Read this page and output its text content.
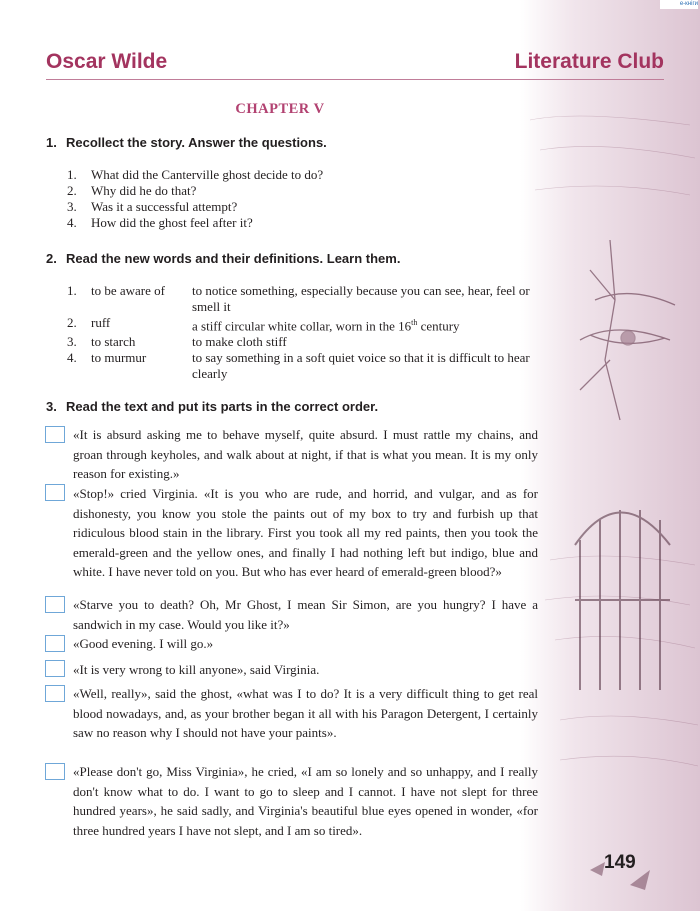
e-кнiги
Oscar Wilde	Literature Club
CHAPTER V
1. Recollect the story. Answer the questions.
1. What did the Canterville ghost decide to do?
2. Why did he do that?
3. Was it a successful attempt?
4. How did the ghost feel after it?
2. Read the new words and their definitions. Learn them.
1.	to be aware of	to notice something, especially because you can see, hear, feel or smell it
2.	ruff	a stiff circular white collar, worn in the 16th century
3.	to starch	to make cloth stiff
4.	to murmur	to say something in a soft quiet voice so that it is difficult to hear clearly
3. Read the text and put its parts in the correct order.
«It is absurd asking me to behave myself, quite absurd. I must rattle my chains, and groan through keyholes, and walk about at night, if that is what you mean. It is my only reason for existing.»
«Stop!» cried Virginia. «It is you who are rude, and horrid, and vulgar, and as for dishonesty, you know you stole the paints out of my box to try and furbish up that ridiculous blood stain in the library. First you took all my red paints, then you took the emerald-green and the yellow ones, and finally I had nothing left but indigo, blue and white. I have never told on you. But who has ever heard of emerald-green blood?»
«Starve you to death? Oh, Mr Ghost, I mean Sir Simon, are you hungry? I have a sandwich in my case. Would you like it?»
«Good evening. I will go.»
«It is very wrong to kill anyone», said Virginia.
«Well, really», said the ghost, «what was I to do? It is a very difficult thing to get real blood nowadays, and, as your brother began it all with his Paragon Detergent, I certainly saw no reason why I should not have your paints».
«Please don't go, Miss Virginia», he cried, «I am so lonely and so unhappy, and I really don't know what to do. I want to go to sleep and I cannot. I have not slept for three hundred years», he said sadly, and Virginia's beautiful blue eyes opened in wonder, «for three hundred years I have not slept, and I am so tired».
149
